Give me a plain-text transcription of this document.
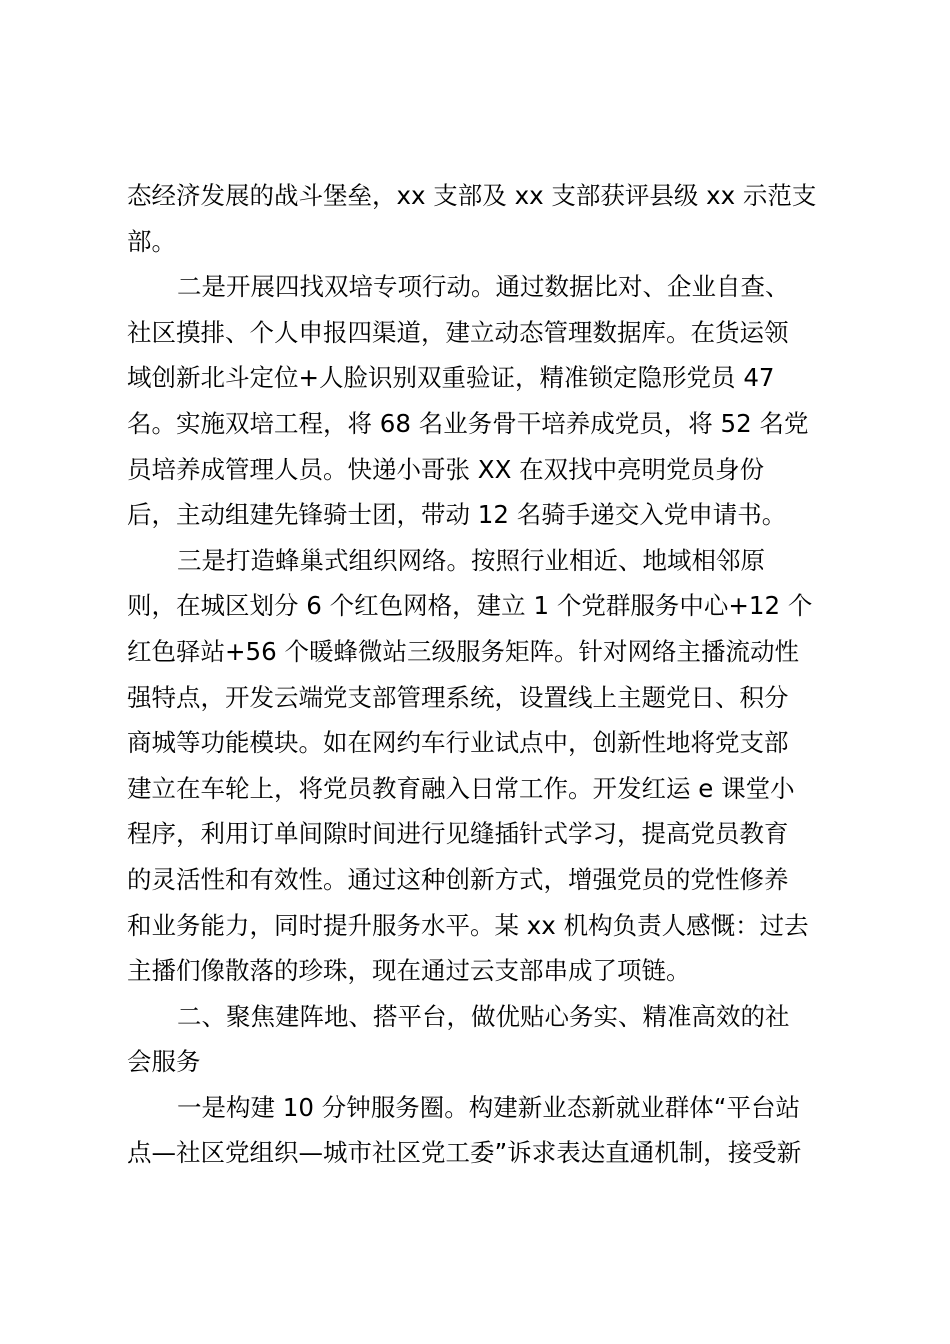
态经济发展的战斗堡垒，xx 支部及 xx 支部获评县级 xx 示范支
部。
二是开展四找双培专项行动。通过数据比对、企业自查、
社区摸排、个人申报四渠道，建立动态管理数据库。在货运领
域创新北斗定位+人脸识别双重验证，精准锁定隐形党员 47
名。实施双培工程，将 68 名业务骨干培养成党员，将 52 名党
员培养成管理人员。快递小哥张 XX 在双找中亮明党员身份
后，主动组建先锋骑士团，带动 12 名骑手递交入党申请书。
三是打造蜂巢式组织网络。按照行业相近、地域相邻原
则，在城区划分 6 个红色网格，建立 1 个党群服务中心+12 个
红色驿站+56 个暖蜂微站三级服务矩阵。针对网络主播流动性
强特点，开发云端党支部管理系统，设置线上主题党日、积分
商城等功能模块。如在网约车行业试点中，创新性地将党支部
建立在车轮上，将党员教育融入日常工作。开发红运 e 课堂小
程序，利用订单间隙时间进行见缝插针式学习，提高党员教育
的灵活性和有效性。通过这种创新方式，增强党员的党性修养
和业务能力，同时提升服务水平。某 xx 机构负责人感慨：过去
主播们像散落的珍珠，现在通过云支部串成了项链。
二、聚焦建阵地、搭平台，做优贴心务实、精准高效的社
会服务
一是构建 10 分钟服务圈。构建新业态新就业群体“平台站
点—社区党组织—城市社区党工委”诉求表达直通机制，接受新
